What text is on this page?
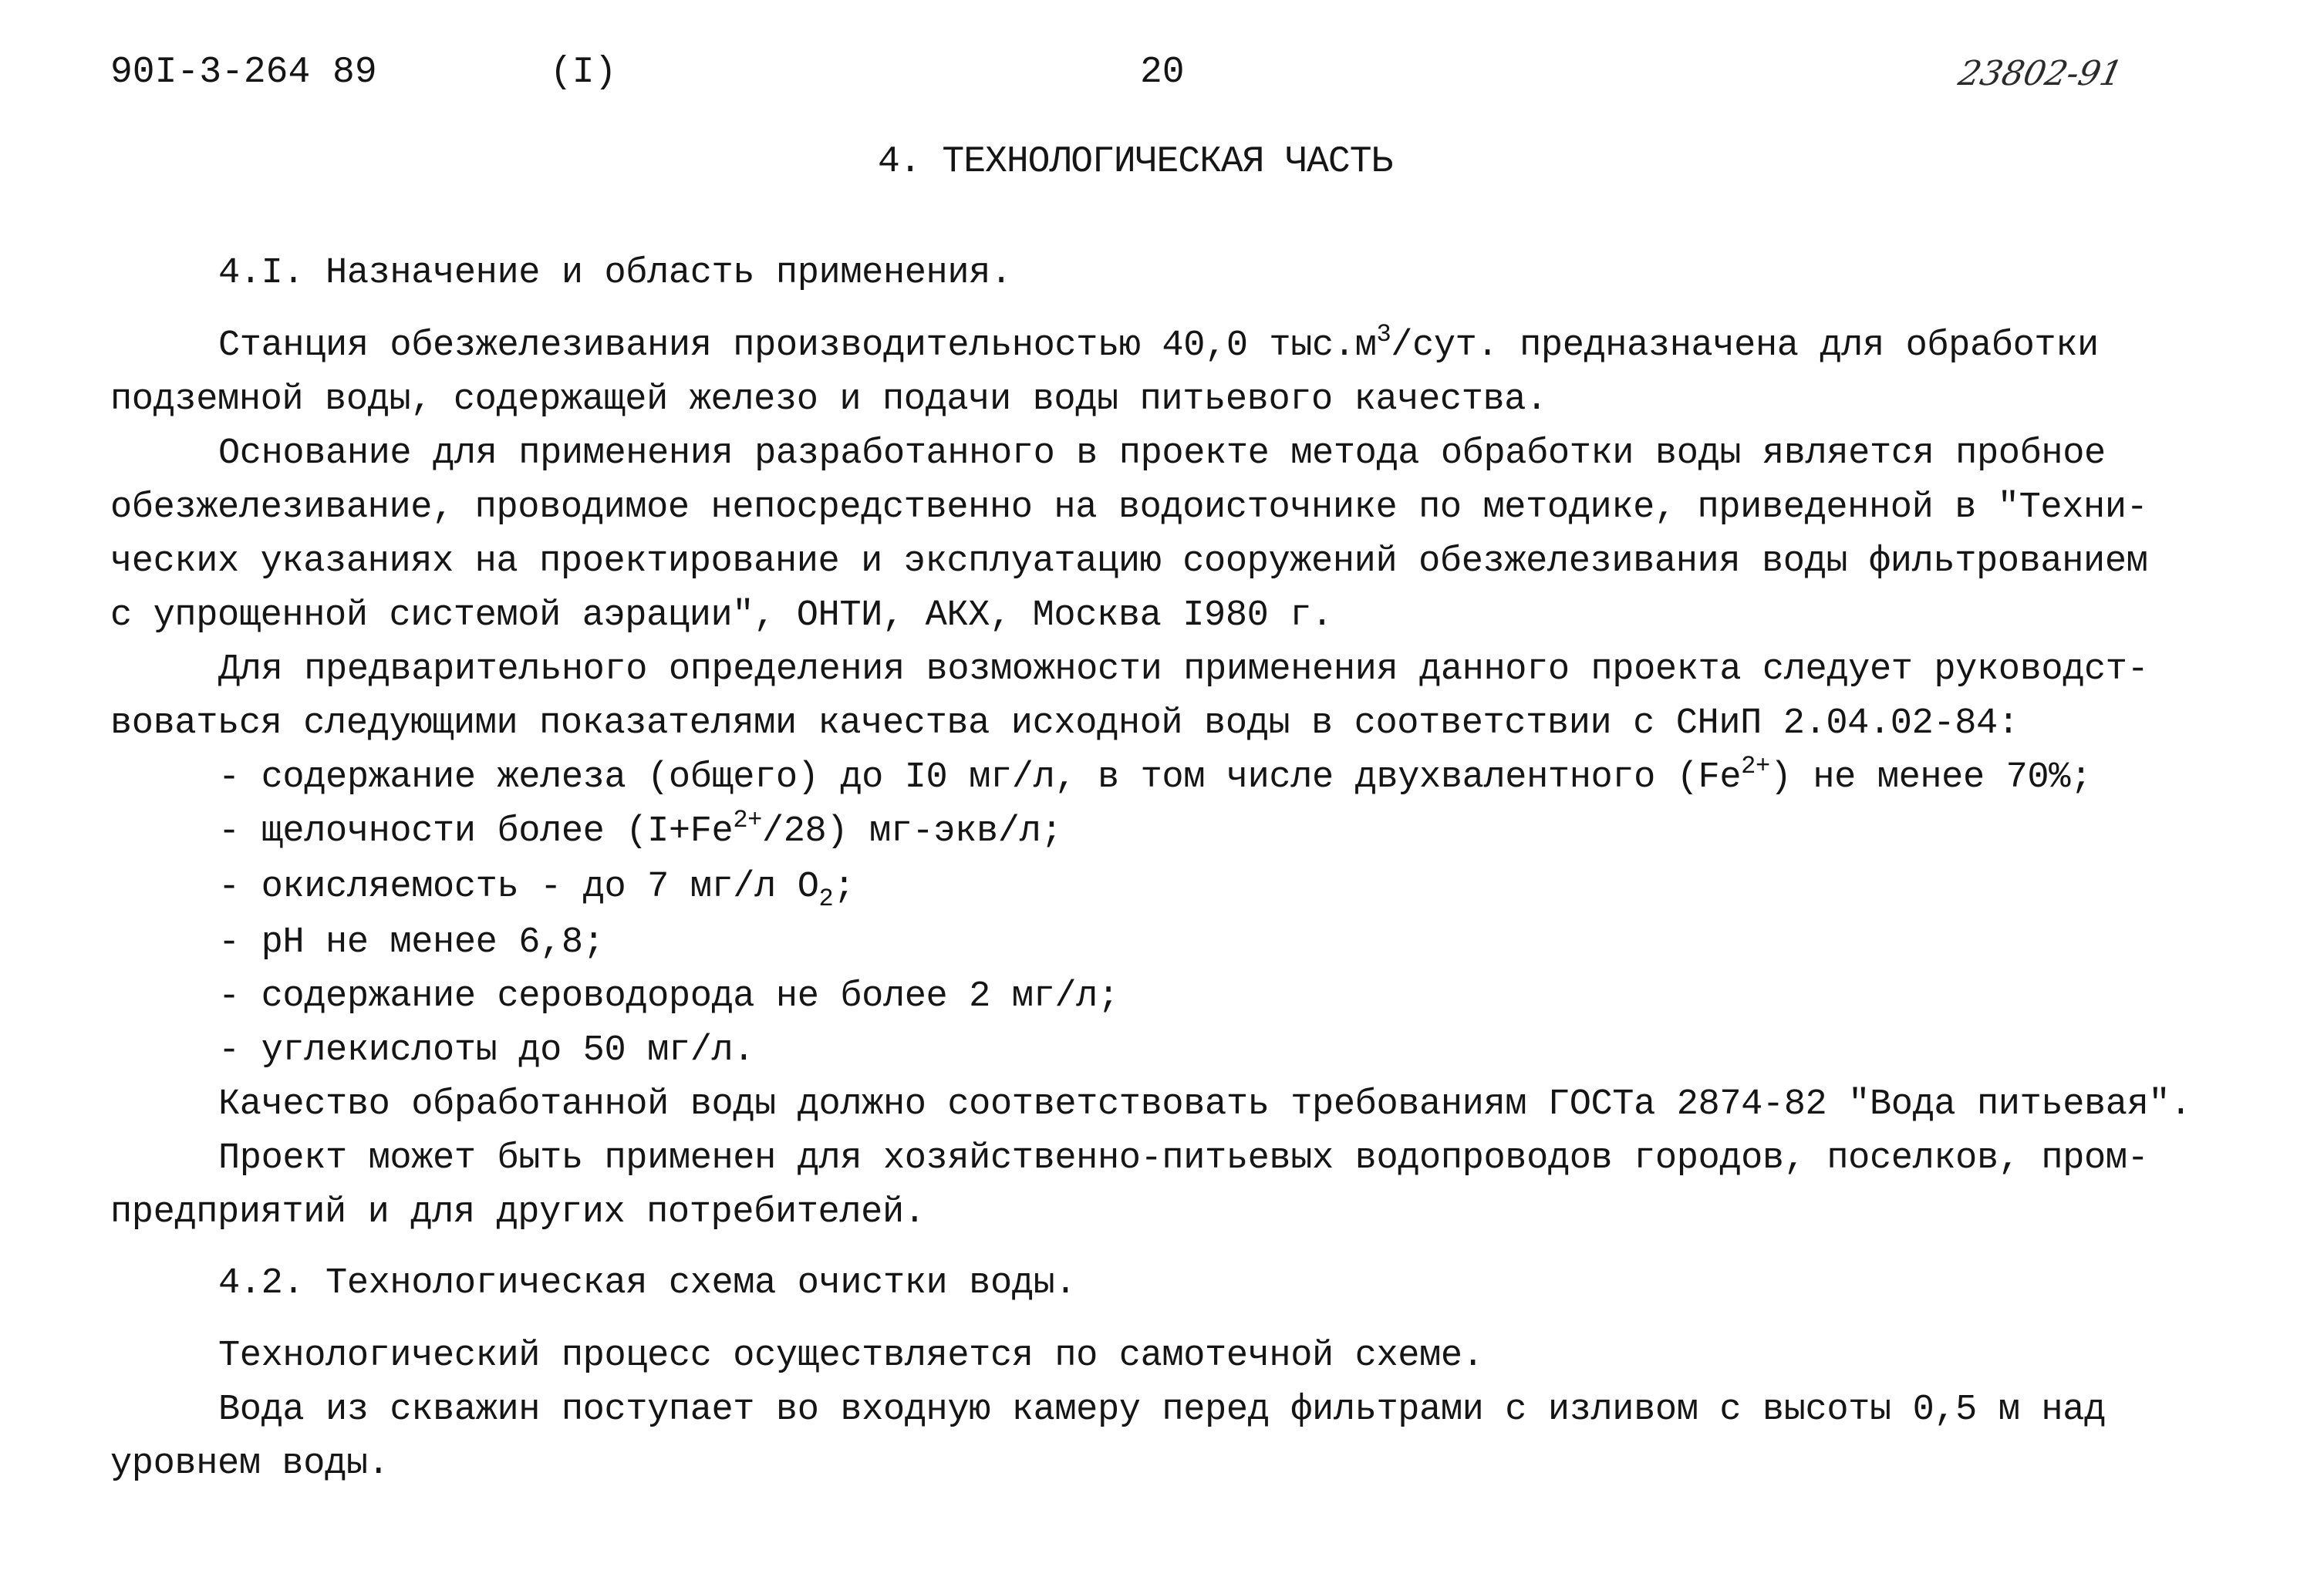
90I-3-264 89	(I)	20	23802-91
4. ТЕХНОЛОГИЧЕСКАЯ ЧАСТЬ
4.I. Назначение и область применения.
Станция обезжелезивания производительностью 40,0 $тыс.м^3$/сут. предназначена для обработки
подземной воды, содержащей железо и подачи воды питьевого качества.
Основание для применения разработанного в проекте метода обработки воды является пробное
обезжелезивание, проводимое непосредственно на водоисточнике по методике, приведенной в "Техни-
ческих указаниях на проектирование и эксплуатацию сооружений обезжелезивания воды фильтрованием
с упрощенной системой аэрации", ОНТИ, АКХ, Москва I980 г.
Для предварительного определения возможности применения данного проекта следует руководст-
воваться следующими показателями качества исходной воды в соответствии с СНиП 2.04.02-84:
- содержание железа (общего) до I0 мг/л, в том числе двухвалентного $(Fe^{2+})$ не менее 70%;
- щелочности более $(I+Fe^{2+}/28)$ мг-экв/л;
- окисляемость - до 7 мг/л $O_2$;
- рН не менее 6,8;
- содержание сероводорода не более 2 мг/л;
- углекислоты до 50 мг/л.
Качество обработанной воды должно соответствовать требованиям ГОСТа 2874-82 "Вода питьевая".
Проект может быть применен для хозяйственно-питьевых водопроводов городов, поселков, пром-
предприятий и для других потребителей.
4.2. Технологическая схема очистки воды.
Технологический процесс осуществляется по самотечной схеме.
Вода из скважин поступает во входную камеру перед фильтрами с изливом с высоты 0,5 м над
уровнем воды.
